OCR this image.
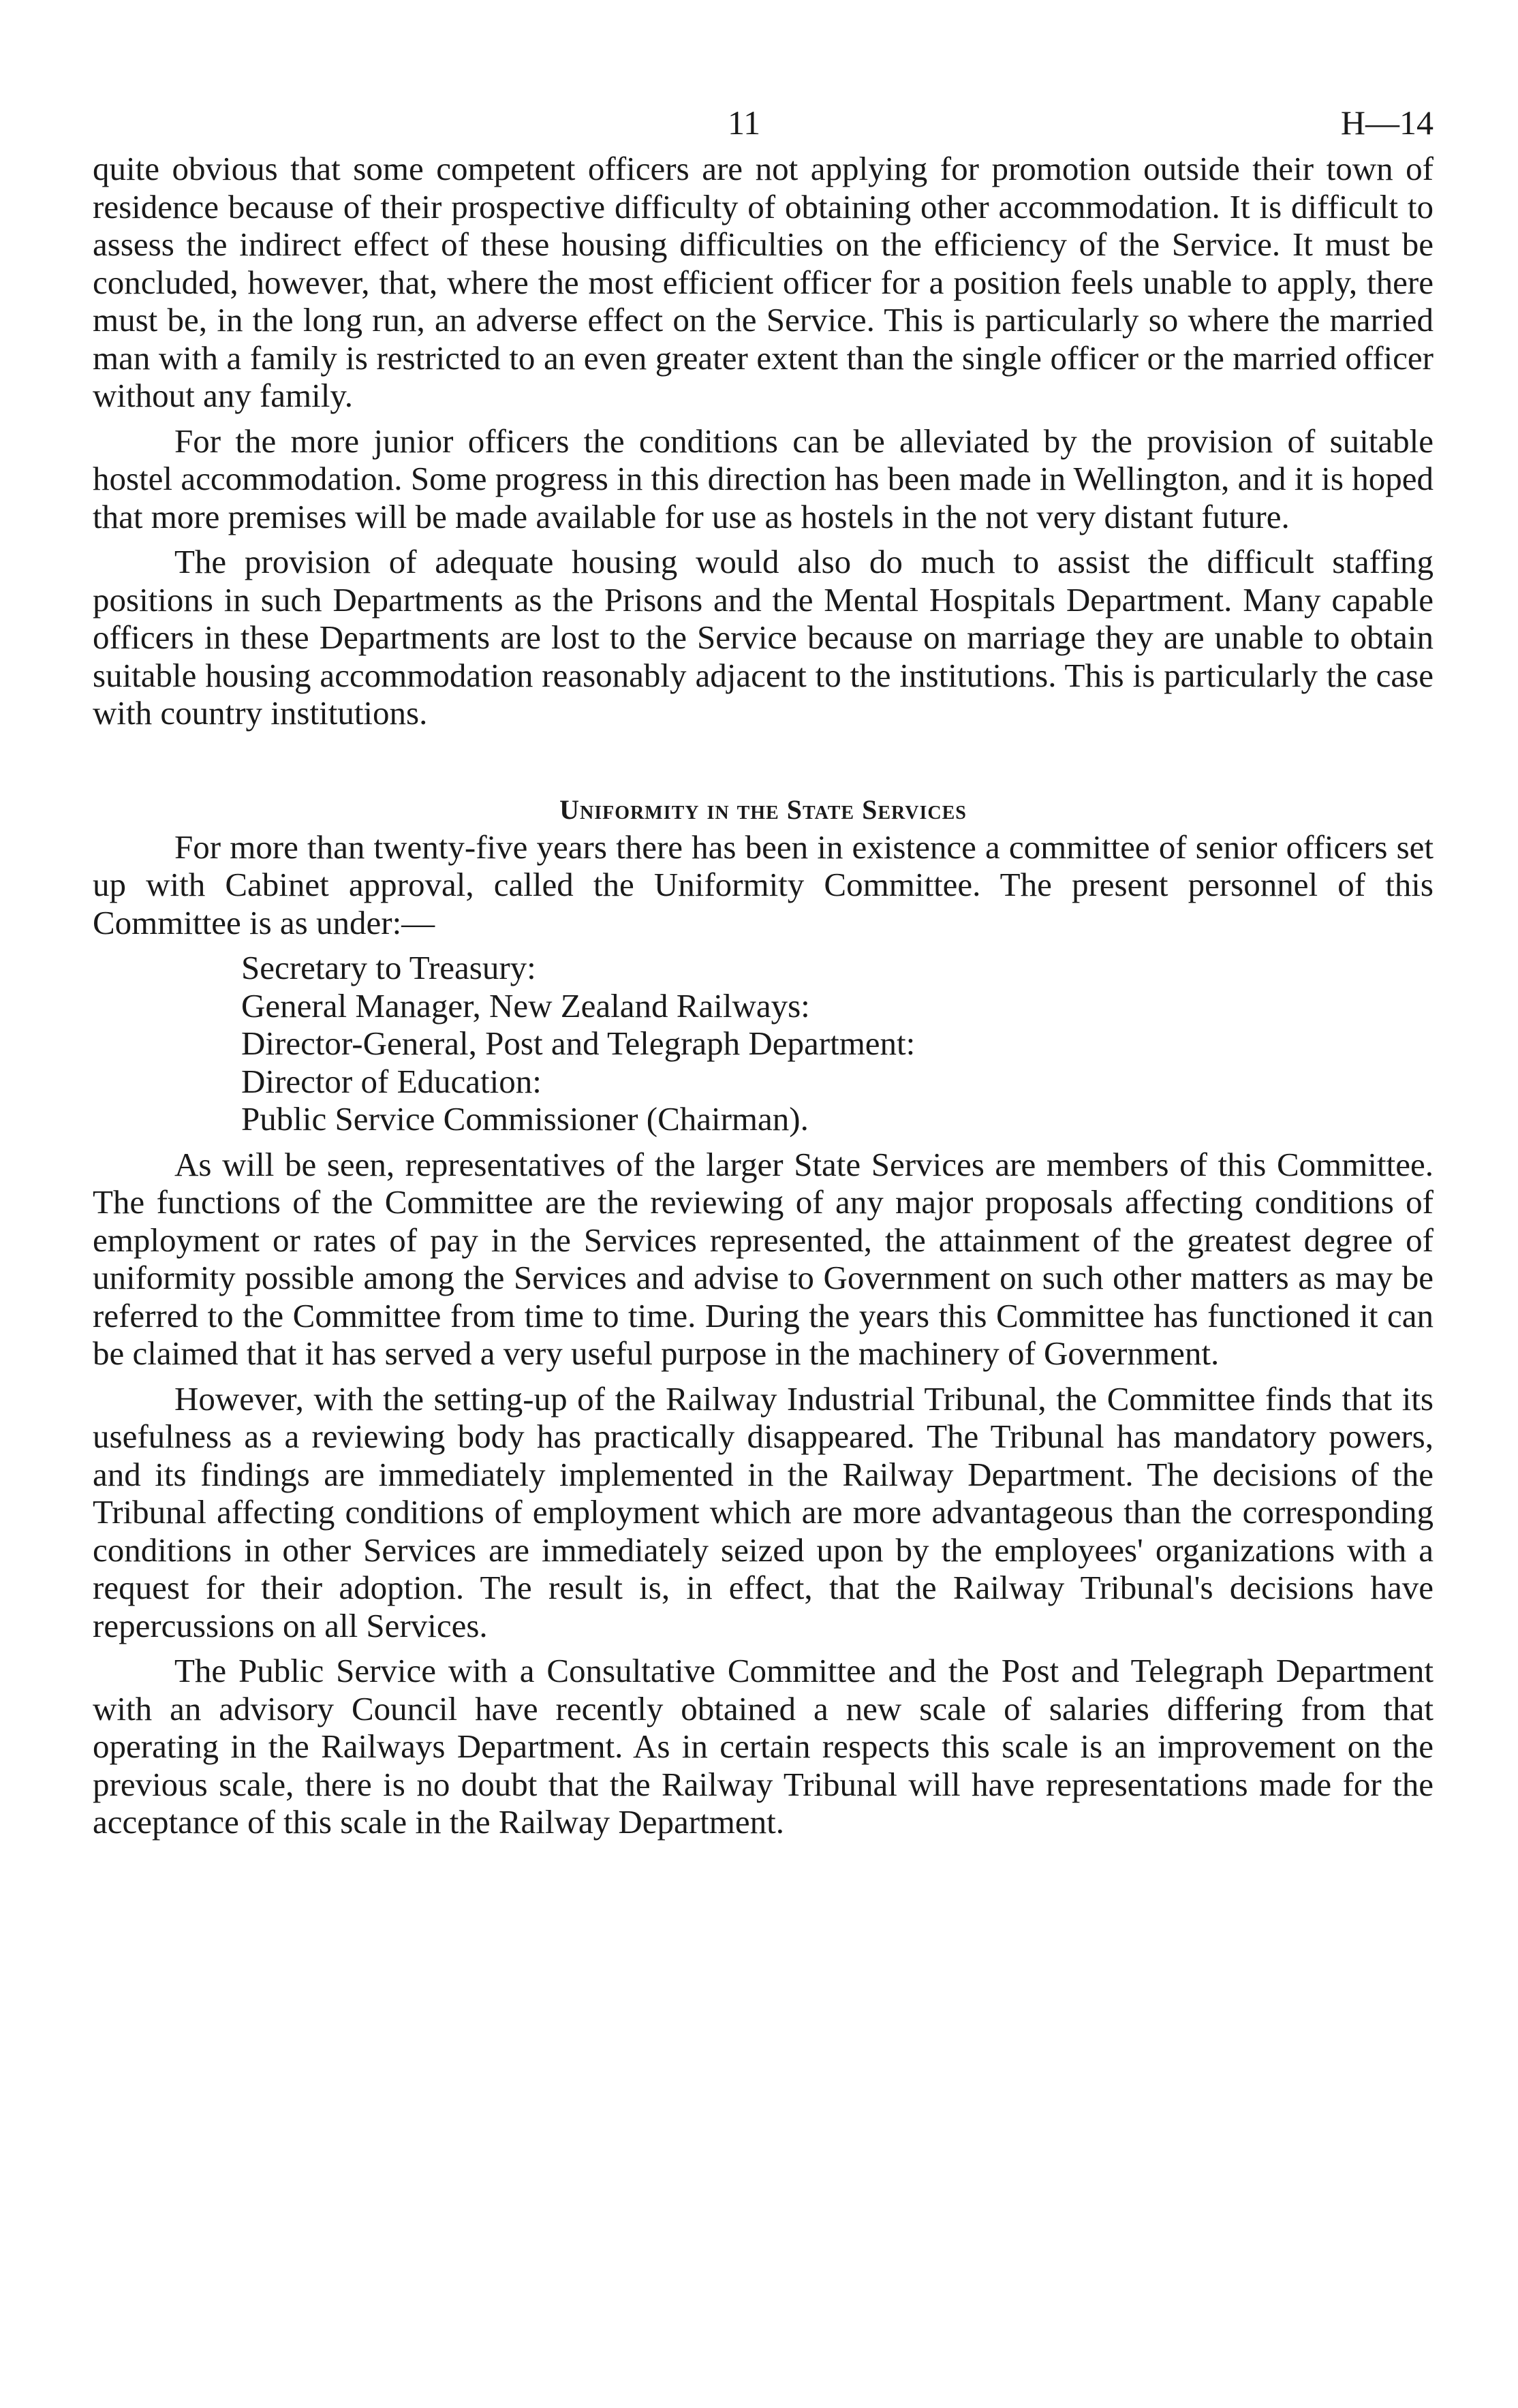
11	H—14

quite obvious that some competent officers are not applying for promotion outside their town of residence because of their prospective difficulty of obtaining other accommodation. It is difficult to assess the indirect effect of these housing difficulties on the efficiency of the Service. It must be concluded, however, that, where the most efficient officer for a position feels unable to apply, there must be, in the long run, an adverse effect on the Service. This is particularly so where the married man with a family is restricted to an even greater extent than the single officer or the married officer without any family.

For the more junior officers the conditions can be alleviated by the provision of suitable hostel accommodation. Some progress in this direction has been made in Wellington, and it is hoped that more premises will be made available for use as hostels in the not very distant future.

The provision of adequate housing would also do much to assist the difficult staffing positions in such Departments as the Prisons and the Mental Hospitals Department. Many capable officers in these Departments are lost to the Service because on marriage they are unable to obtain suitable housing accommodation reasonably adjacent to the institutions. This is particularly the case with country institutions.

Uniformity in the State Services

For more than twenty-five years there has been in existence a committee of senior officers set up with Cabinet approval, called the Uniformity Committee. The present personnel of this Committee is as under:—

Secretary to Treasury:
General Manager, New Zealand Railways:
Director-General, Post and Telegraph Department:
Director of Education:
Public Service Commissioner (Chairman).

As will be seen, representatives of the larger State Services are members of this Committee. The functions of the Committee are the reviewing of any major proposals affecting conditions of employment or rates of pay in the Services represented, the attainment of the greatest degree of uniformity possible among the Services and advise to Government on such other matters as may be referred to the Committee from time to time. During the years this Committee has functioned it can be claimed that it has served a very useful purpose in the machinery of Government.

However, with the setting-up of the Railway Industrial Tribunal, the Committee finds that its usefulness as a reviewing body has practically disappeared. The Tribunal has mandatory powers, and its findings are immediately implemented in the Railway Department. The decisions of the Tribunal affecting conditions of employment which are more advantageous than the corresponding conditions in other Services are immediately seized upon by the employees' organizations with a request for their adoption. The result is, in effect, that the Railway Tribunal's decisions have repercussions on all Services.

The Public Service with a Consultative Committee and the Post and Telegraph Department with an advisory Council have recently obtained a new scale of salaries differing from that operating in the Railways Department. As in certain respects this scale is an improvement on the previous scale, there is no doubt that the Railway Tribunal will have representations made for the acceptance of this scale in the Railway Department.
